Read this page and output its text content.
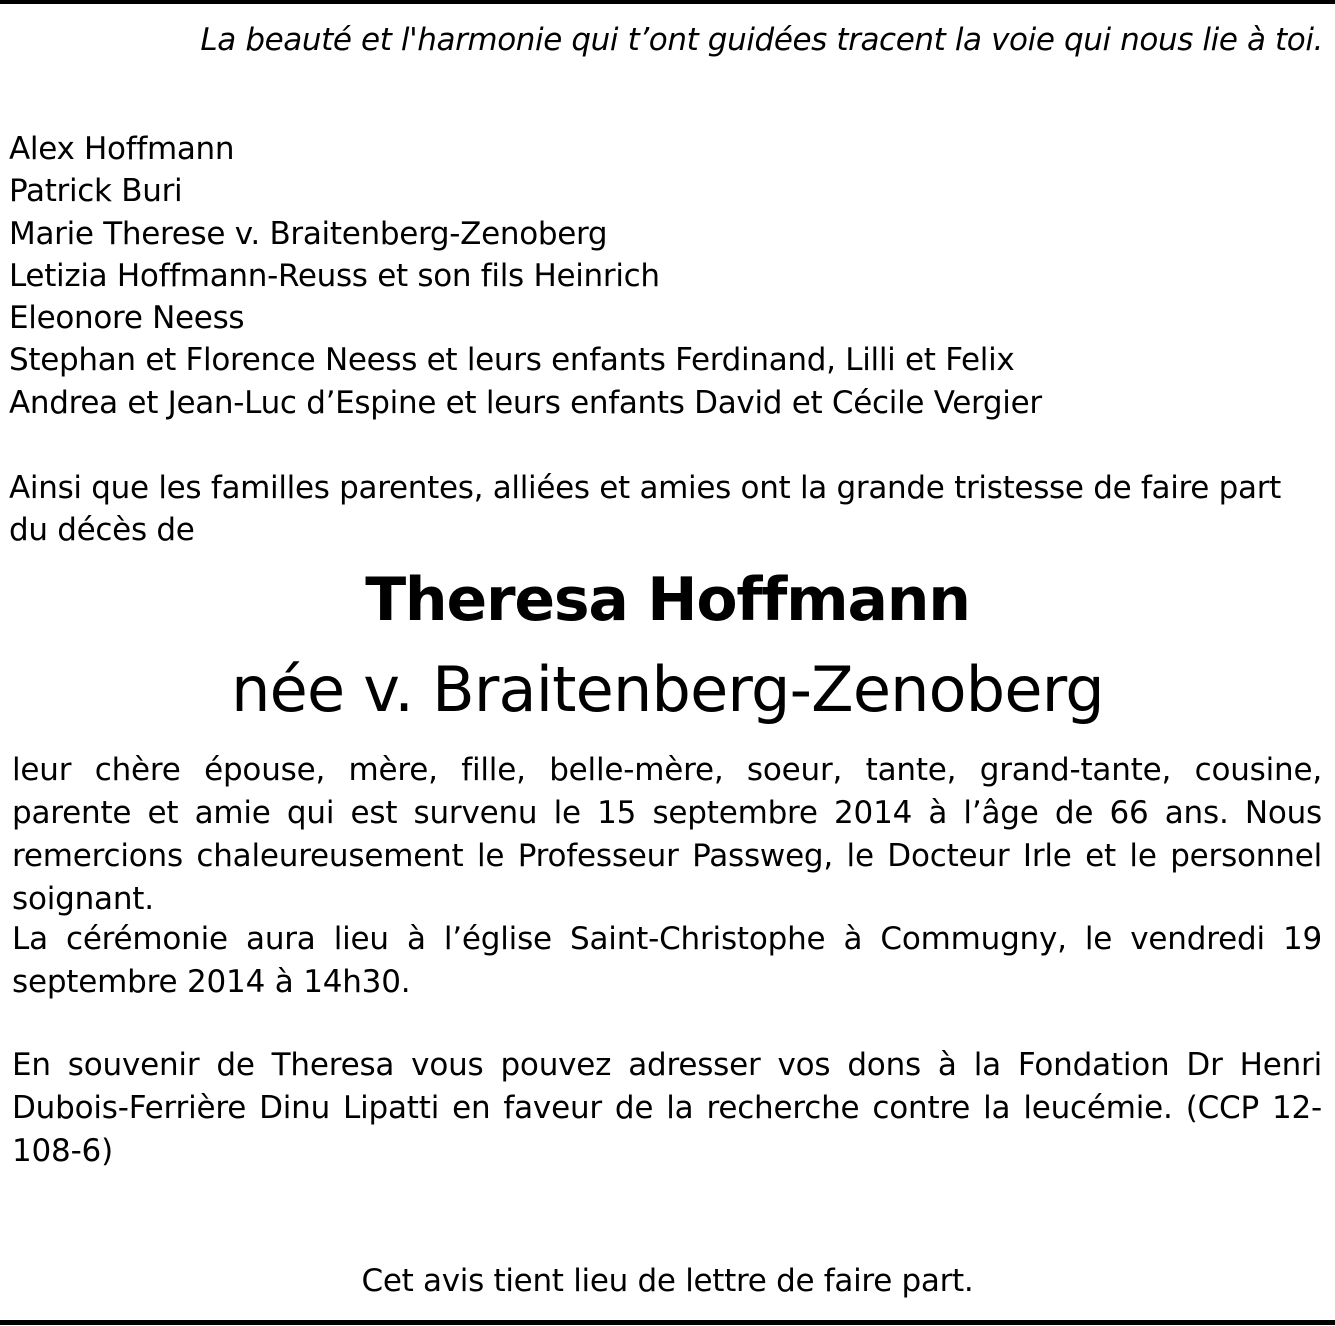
La beauté et l'harmonie qui t’ont guidées tracent la voie qui nous lie à toi.
Alex Hoffmann
Patrick Buri
Marie Therese v. Braitenberg-Zenoberg
Letizia Hoffmann-Reuss et son fils Heinrich
Eleonore Neess
Stephan et Florence Neess et leurs enfants Ferdinand, Lilli et Felix
Andrea et Jean-Luc d’Espine et leurs enfants David et Cécile Vergier
Ainsi que les familles parentes, alliées et amies ont la grande tristesse de faire part du décès de
Theresa Hoffmann
née v. Braitenberg-Zenoberg
leur chère épouse, mère, fille, belle-mère, soeur, tante, grand-tante, cousine, parente et amie qui est survenu le 15 septembre 2014 à l’âge de 66 ans. Nous remercions chaleureusement le Professeur Passweg, le Docteur Irle et le personnel soignant.
La cérémonie aura lieu à l’église Saint-Christophe à Commugny, le vendredi 19 septembre 2014 à 14h30.
En souvenir de Theresa vous pouvez adresser vos dons à la Fondation Dr Henri Dubois-Ferrière Dinu Lipatti en faveur de la recherche contre la leucémie. (CCP 12-108-6)
Cet avis tient lieu de lettre de faire part.
